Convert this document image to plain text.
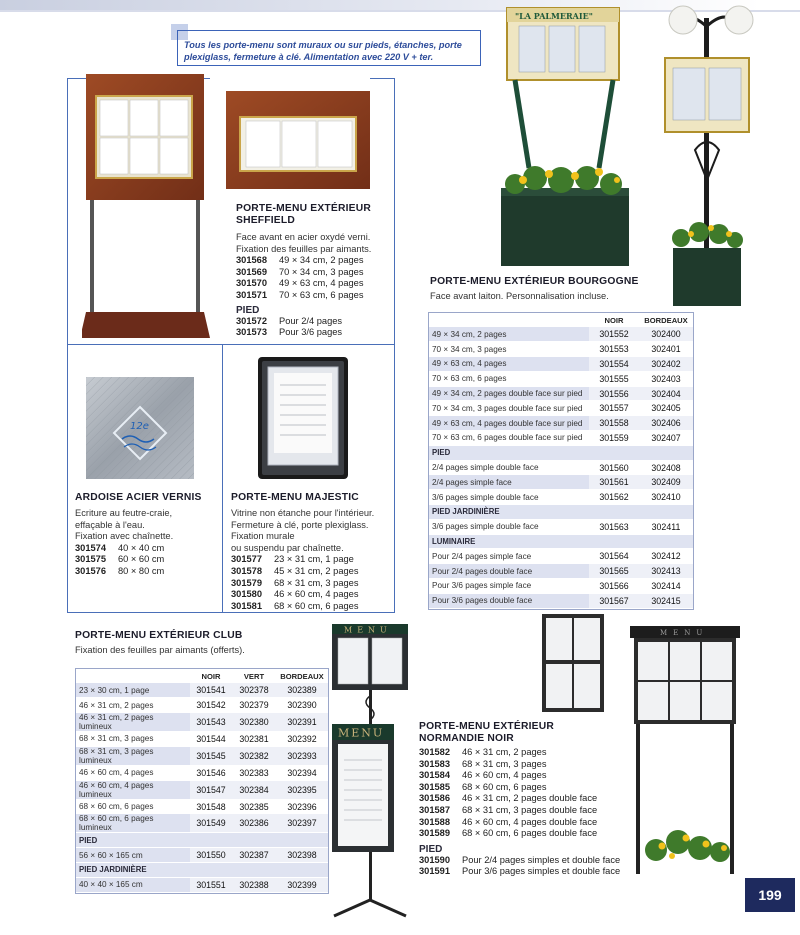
Tous les porte-menu sont muraux ou sur pieds, étanches, porte plexiglass, fermeture à clé. Alimentation avec 220 V + ter.
PORTE-MENU EXTÉRIEUR SHEFFIELD
Face avant en acier oxydé verni.
Fixation des feuilles par aimants.
301568 49 × 34 cm, 2 pages
301569 70 × 34 cm, 3 pages
301570 49 × 63 cm, 4 pages
301571 70 × 63 cm, 6 pages
PIED
301572 Pour 2/4 pages
301573 Pour 3/6 pages
12e
ARDOISE ACIER VERNIS
Ecriture au feutre-craie,
effaçable à l'eau.
Fixation avec chaînette.
301574 40 × 40 cm
301575 60 × 60 cm
301576 80 × 80 cm
PORTE-MENU MAJESTIC
Vitrine non étanche pour l'intérieur.
Fermeture à clé, porte plexiglass.
Fixation murale
ou suspendu par chaînette.
301577 23 × 31 cm, 1 page
301578 45 × 31 cm, 2 pages
301579 68 × 31 cm, 3 pages
301580 46 × 60 cm, 4 pages
301581 68 × 60 cm, 6 pages
"LA PALMERAIE"
PORTE-MENU EXTÉRIEUR BOURGOGNE
Face avant laiton. Personnalisation incluse.
	NOIR	BORDEAUX
49 × 34 cm, 2 pages	301552	302400
70 × 34 cm, 3 pages	301553	302401
49 × 63 cm, 4 pages	301554	302402
70 × 63 cm, 6 pages	301555	302403
49 × 34 cm, 2 pages double face sur pied	301556	302404
70 × 34 cm, 3 pages double face sur pied	301557	302405
49 × 63 cm, 4 pages double face sur pied	301558	302406
70 × 63 cm, 6 pages double face sur pied	301559	302407
PIED		
2/4 pages simple double face	301560	302408
2/4 pages simple face	301561	302409
3/6 pages simple double face	301562	302410
PIED JARDINIÈRE		
3/6 pages simple double face	301563	302411
LUMINAIRE		
Pour 2/4 pages simple face	301564	302412
Pour 2/4 pages double face	301565	302413
Pour 3/6 pages simple face	301566	302414
Pour 3/6 pages double face	301567	302415
PORTE-MENU EXTÉRIEUR CLUB
Fixation des feuilles par aimants (offerts).
	NOIR	VERT	BORDEAUX
23 × 30 cm, 1 page	301541	302378	302389
46 × 31 cm, 2 pages	301542	302379	302390
46 × 31 cm, 2 pages lumineux	301543	302380	302391
68 × 31 cm, 3 pages	301544	302381	302392
68 × 31 cm, 3 pages lumineux	301545	302382	302393
46 × 60 cm, 4 pages	301546	302383	302394
46 × 60 cm, 4 pages lumineux	301547	302384	302395
68 × 60 cm, 6 pages	301548	302385	302396
68 × 60 cm, 6 pages lumineux	301549	302386	302397
PIED			
56 × 60 × 165 cm	301550	302387	302398
PIED JARDINIÈRE			
40 × 40 × 165 cm	301551	302388	302399
MENU
MENU
MENU
PORTE-MENU EXTÉRIEUR NORMANDIE NOIR
301582 46 × 31 cm, 2 pages
301583 68 × 31 cm, 3 pages
301584 46 × 60 cm, 4 pages
301585 68 × 60 cm, 6 pages
301586 46 × 31 cm, 2 pages double face
301587 68 × 31 cm, 3 pages double face
301588 46 × 60 cm, 4 pages double face
301589 68 × 60 cm, 6 pages double face
PIED
301590 Pour 2/4 pages simples et double face
301591 Pour 3/6 pages simples et double face
199
